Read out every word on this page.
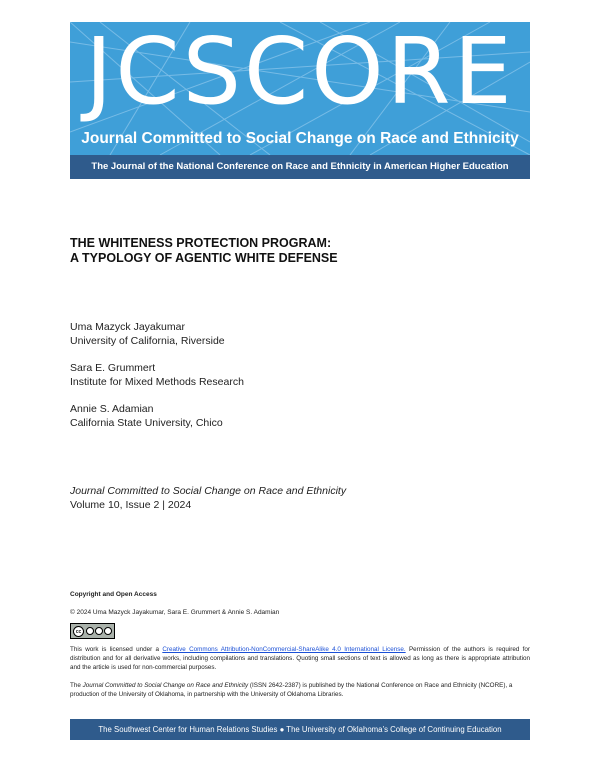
JCSCORE
Journal Committed to Social Change on Race and Ethnicity
The Journal of the National Conference on Race and Ethnicity in American Higher Education
THE WHITENESS PROTECTION PROGRAM:
A TYPOLOGY OF AGENTIC WHITE DEFENSE
Uma Mazyck Jayakumar
University of California, Riverside
Sara E. Grummert
Institute for Mixed Methods Research
Annie S. Adamian
California State University, Chico
Journal Committed to Social Change on Race and Ethnicity
Volume 10, Issue 2 | 2024
Copyright and Open Access
© 2024 Uma Mazyck Jayakumar, Sara E. Grummert & Annie S. Adamian
cc
This work is licensed under a Creative Commons Attribution-NonCommercial-ShareAlike 4.0 International License. Permission of the authors is required for distribution and for all derivative works, including compilations and translations. Quoting small sections of text is allowed as long as there is appropriate attribution and the article is used for non-commercial purposes.
The Journal Committed to Social Change on Race and Ethnicity (ISSN 2642-2387) is published by the National Conference on Race and Ethnicity (NCORE), a production of the University of Oklahoma, in partnership with the University of Oklahoma Libraries.
The Southwest Center for Human Relations Studies ● The University of Oklahoma’s College of Continuing Education
